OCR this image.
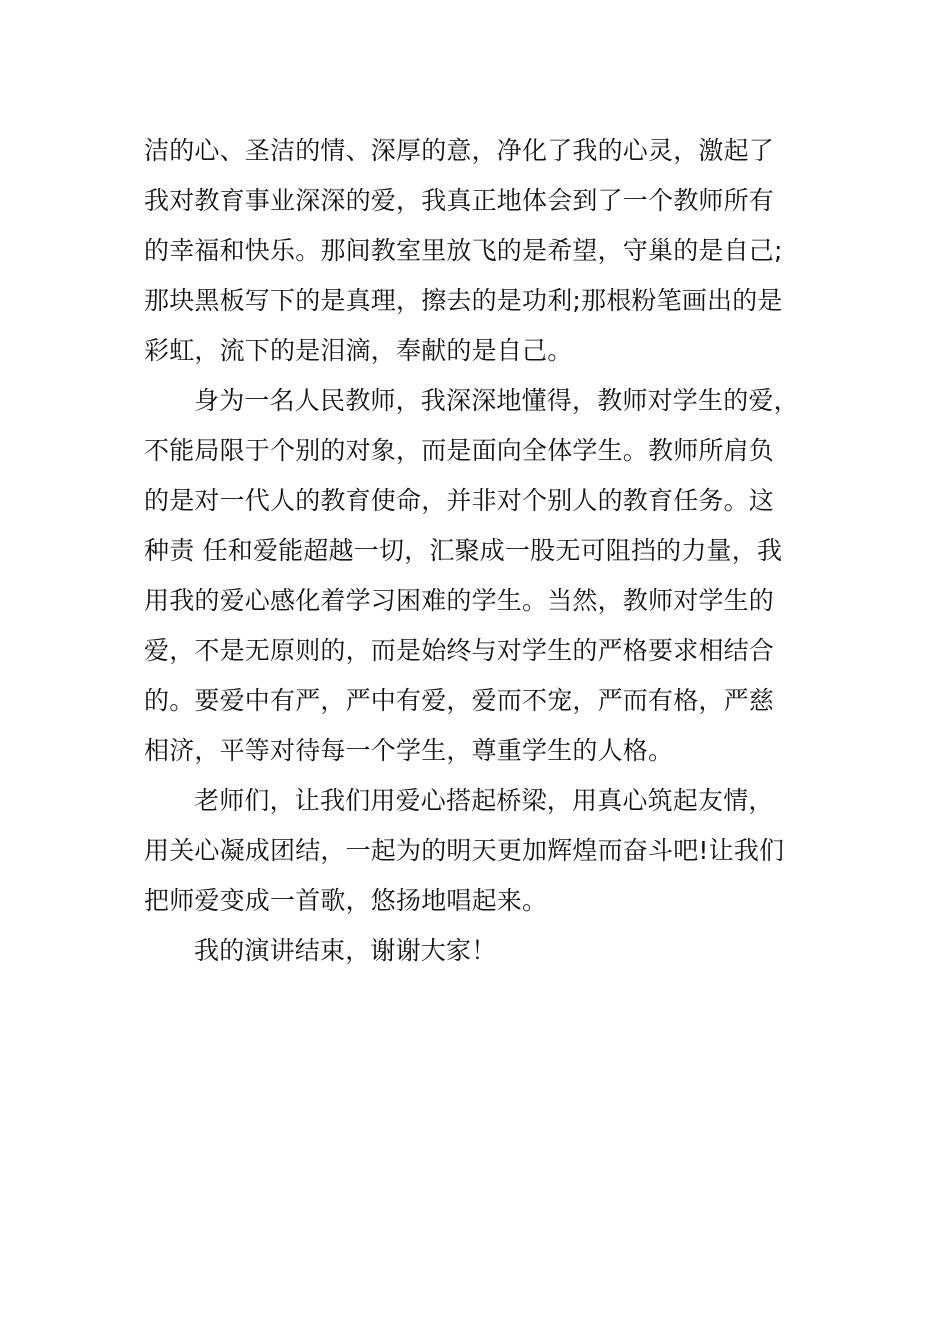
洁的心、圣洁的情、深厚的意，净化了我的心灵，激起了
我对教育事业深深的爱，我真正地体会到了一个教师所有
的幸福和快乐。那间教室里放飞的是希望，守巢的是自己;
那块黑板写下的是真理，擦去的是功利;那根粉笔画出的是
彩虹，流下的是泪滴，奉献的是自己。
身为一名人民教师，我深深地懂得，教师对学生的爱，
不能局限于个别的对象，而是面向全体学生。教师所肩负
的是对一代人的教育使命，并非对个别人的教育任务。这
种责 任和爱能超越一切，汇聚成一股无可阻挡的力量，我
用我的爱心感化着学习困难的学生。当然，教师对学生的
爱，不是无原则的，而是始终与对学生的严格要求相结合
的。要爱中有严，严中有爱，爱而不宠，严而有格，严慈
相济，平等对待每一个学生，尊重学生的人格。
老师们，让我们用爱心搭起桥梁，用真心筑起友情，
用关心凝成团结，一起为的明天更加辉煌而奋斗吧!让我们
把师爱变成一首歌，悠扬地唱起来。
我的演讲结束，谢谢大家！
